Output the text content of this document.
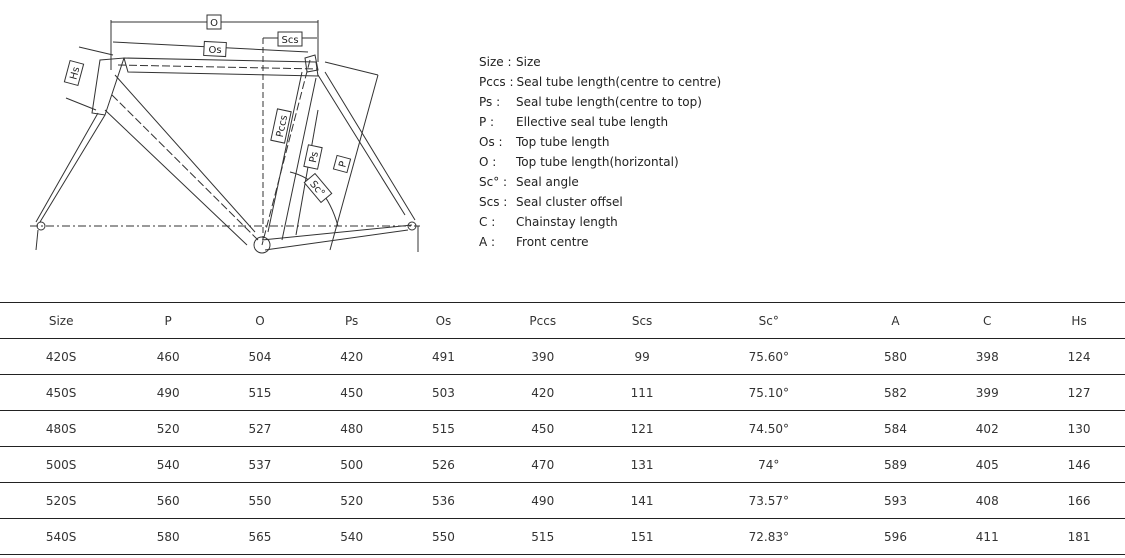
O
Os
Scs
Hs
Pccs
Ps
P
Sc°
Size : Size
Pccs : Seal tube length(centre to centre)
Ps :	Seal tube length(centre to top)
P :	Ellective seal tube length
Os :	Top tube length
O :	Top tube length(horizontal)
Sc° : Seal angle
Scs : Seal cluster offsel
C :	Chainstay length
A :	Front centre
Size	P	O	Ps	Os	Pccs	Scs	Sc°	A	C	Hs
420S	460	504	420	491	390	99	75.60°	580	398	124
450S	490	515	450	503	420	111	75.10°	582	399	127
480S	520	527	480	515	450	121	74.50°	584	402	130
500S	540	537	500	526	470	131	74°	589	405	146
520S	560	550	520	536	490	141	73.57°	593	408	166
540S	580	565	540	550	515	151	72.83°	596	411	181
